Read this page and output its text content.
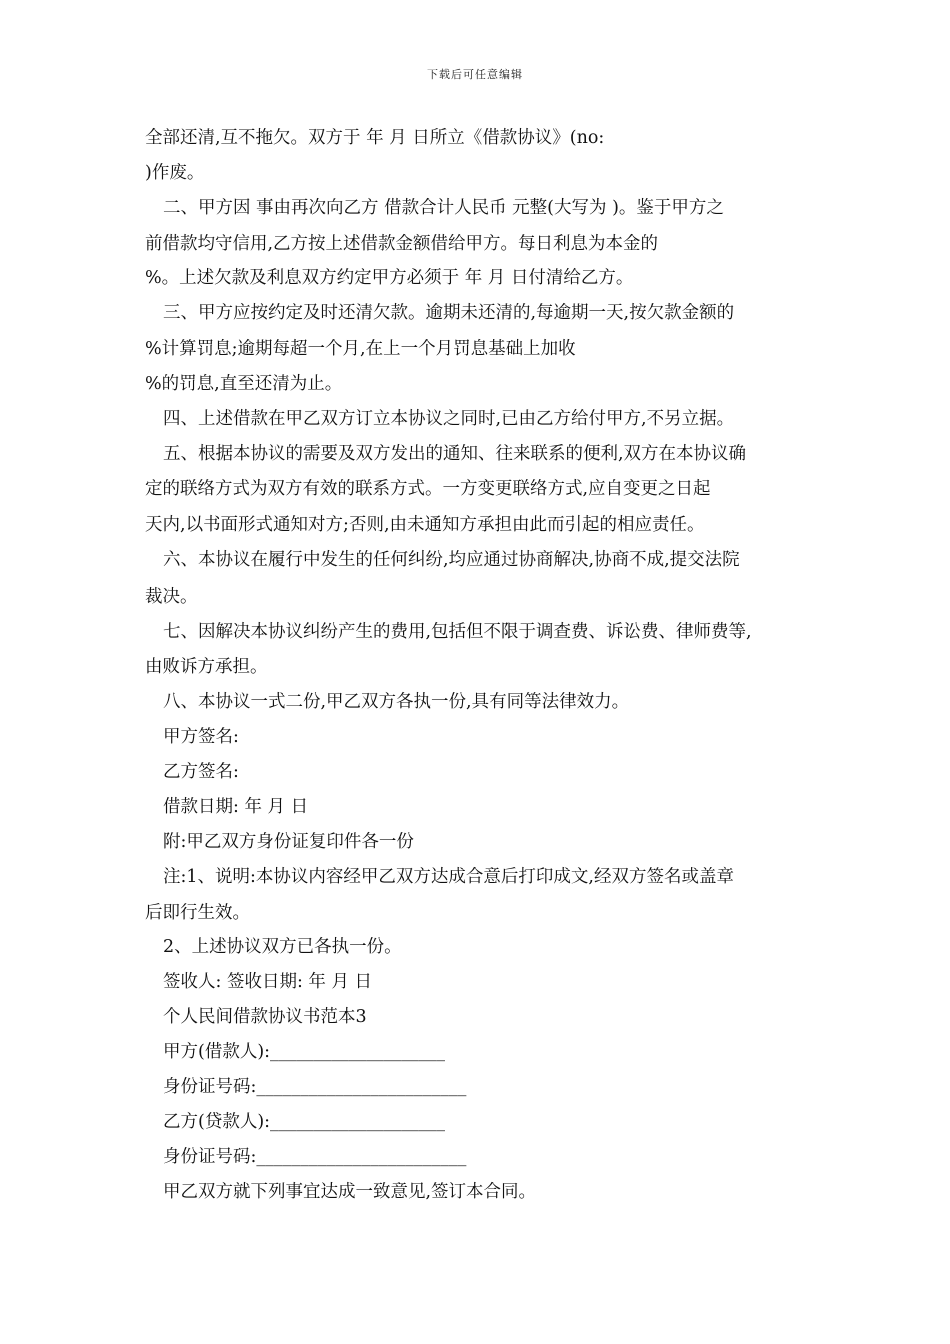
下载后可任意编辑
全部还清,互不拖欠。双方于 年 月 日所立《借款协议》(no:
)作废。
二、甲方因 事由再次向乙方 借款合计人民币 元整(大写为 )。鉴于甲方之
前借款均守信用,乙方按上述借款金额借给甲方。每日利息为本金的
%。上述欠款及利息双方约定甲方必须于 年 月 日付清给乙方。
三、甲方应按约定及时还清欠款。逾期未还清的,每逾期一天,按欠款金额的
%计算罚息;逾期每超一个月,在上一个月罚息基础上加收
%的罚息,直至还清为止。
四、上述借款在甲乙双方订立本协议之同时,已由乙方给付甲方,不另立据。
五、根据本协议的需要及双方发出的通知、往来联系的便利,双方在本协议确
定的联络方式为双方有效的联系方式。一方变更联络方式,应自变更之日起
天内,以书面形式通知对方;否则,由未通知方承担由此而引起的相应责任。
六、本协议在履行中发生的任何纠纷,均应通过协商解决,协商不成,提交法院
裁决。
七、因解决本协议纠纷产生的费用,包括但不限于调查费、诉讼费、律师费等,
由败诉方承担。
八、本协议一式二份,甲乙双方各执一份,具有同等法律效力。
甲方签名:
乙方签名:
借款日期: 年 月 日
附:甲乙双方身份证复印件各一份
注:1、说明:本协议内容经甲乙双方达成合意后打印成文,经双方签名或盖章
后即行生效。
2、上述协议双方已各执一份。
签收人: 签收日期: 年 月 日
个人民间借款协议书范本3
甲方(借款人):____________________
身份证号码:________________________
乙方(贷款人):____________________
身份证号码:________________________
甲乙双方就下列事宜达成一致意见,签订本合同。
